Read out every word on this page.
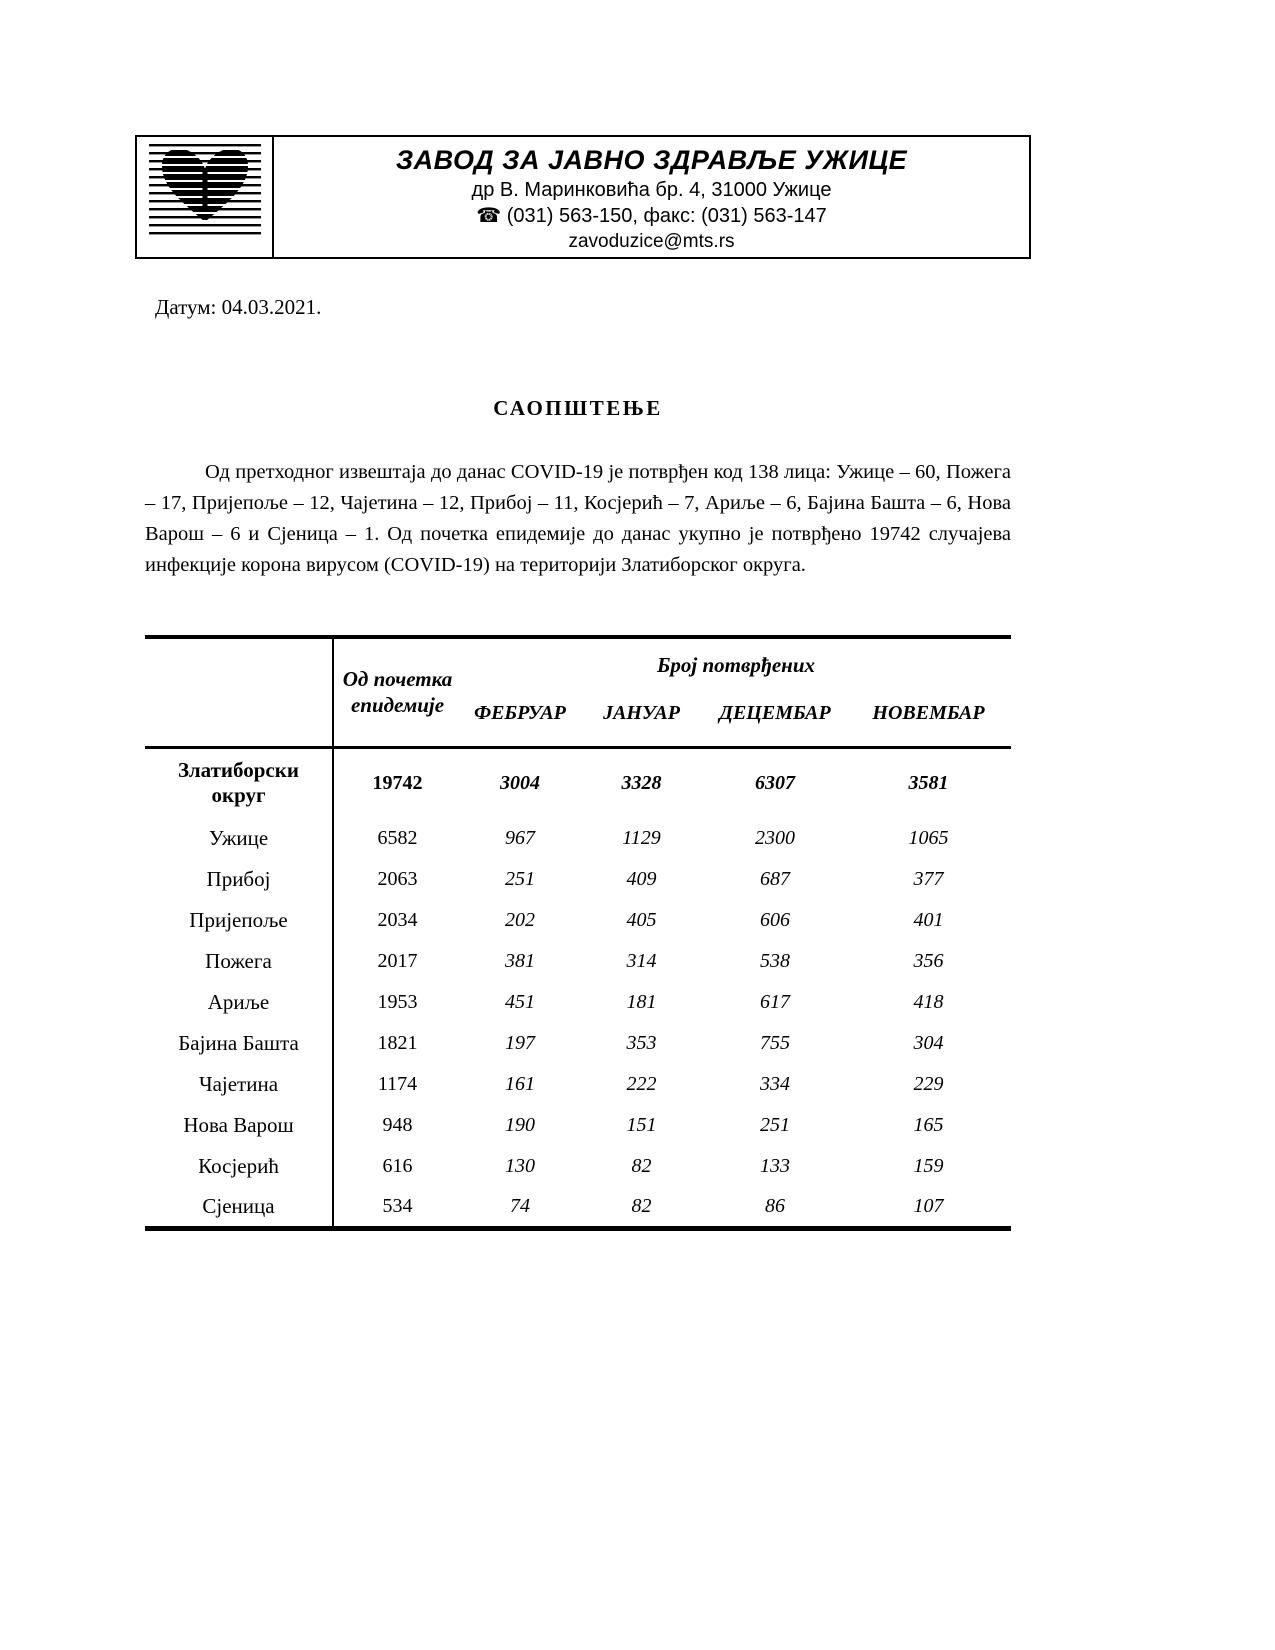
ЗАВОД ЗА ЈАВНО ЗДРАВЉЕ УЖИЦЕ
др В. Маринковића бр. 4, 31000 Ужице
☎ (031) 563-150, факс: (031) 563-147
zavoduzice@mts.rs

Датум: 04.03.2021.

САОПШТЕЊЕ

Од претходног извештаја до данас COVID-19 је потврђен код 138 лица: Ужице – 60, Пожега – 17, Пријепоље – 12, Чајетина – 12, Прибој – 11, Косјерић – 7, Ариље – 6, Бајина Башта – 6, Нова Варош – 6 и Сјеница – 1. Од почетка епидемије до данас укупно је потврђено 19742 случајева инфекције корона вирусом (COVID-19) на територији Златиборског округа.

	Од почетка епидемије	Број потврђених			
		ФЕБРУАР	ЈАНУАР	ДЕЦЕМБАР	НОВЕМБАР
Златиборски округ	19742	3004	3328	6307	3581
Ужице	6582	967	1129	2300	1065
Прибој	2063	251	409	687	377
Пријепоље	2034	202	405	606	401
Пожега	2017	381	314	538	356
Ариље	1953	451	181	617	418
Бајина Башта	1821	197	353	755	304
Чајетина	1174	161	222	334	229
Нова Варош	948	190	151	251	165
Косјерић	616	130	82	133	159
Сјеница	534	74	82	86	107
